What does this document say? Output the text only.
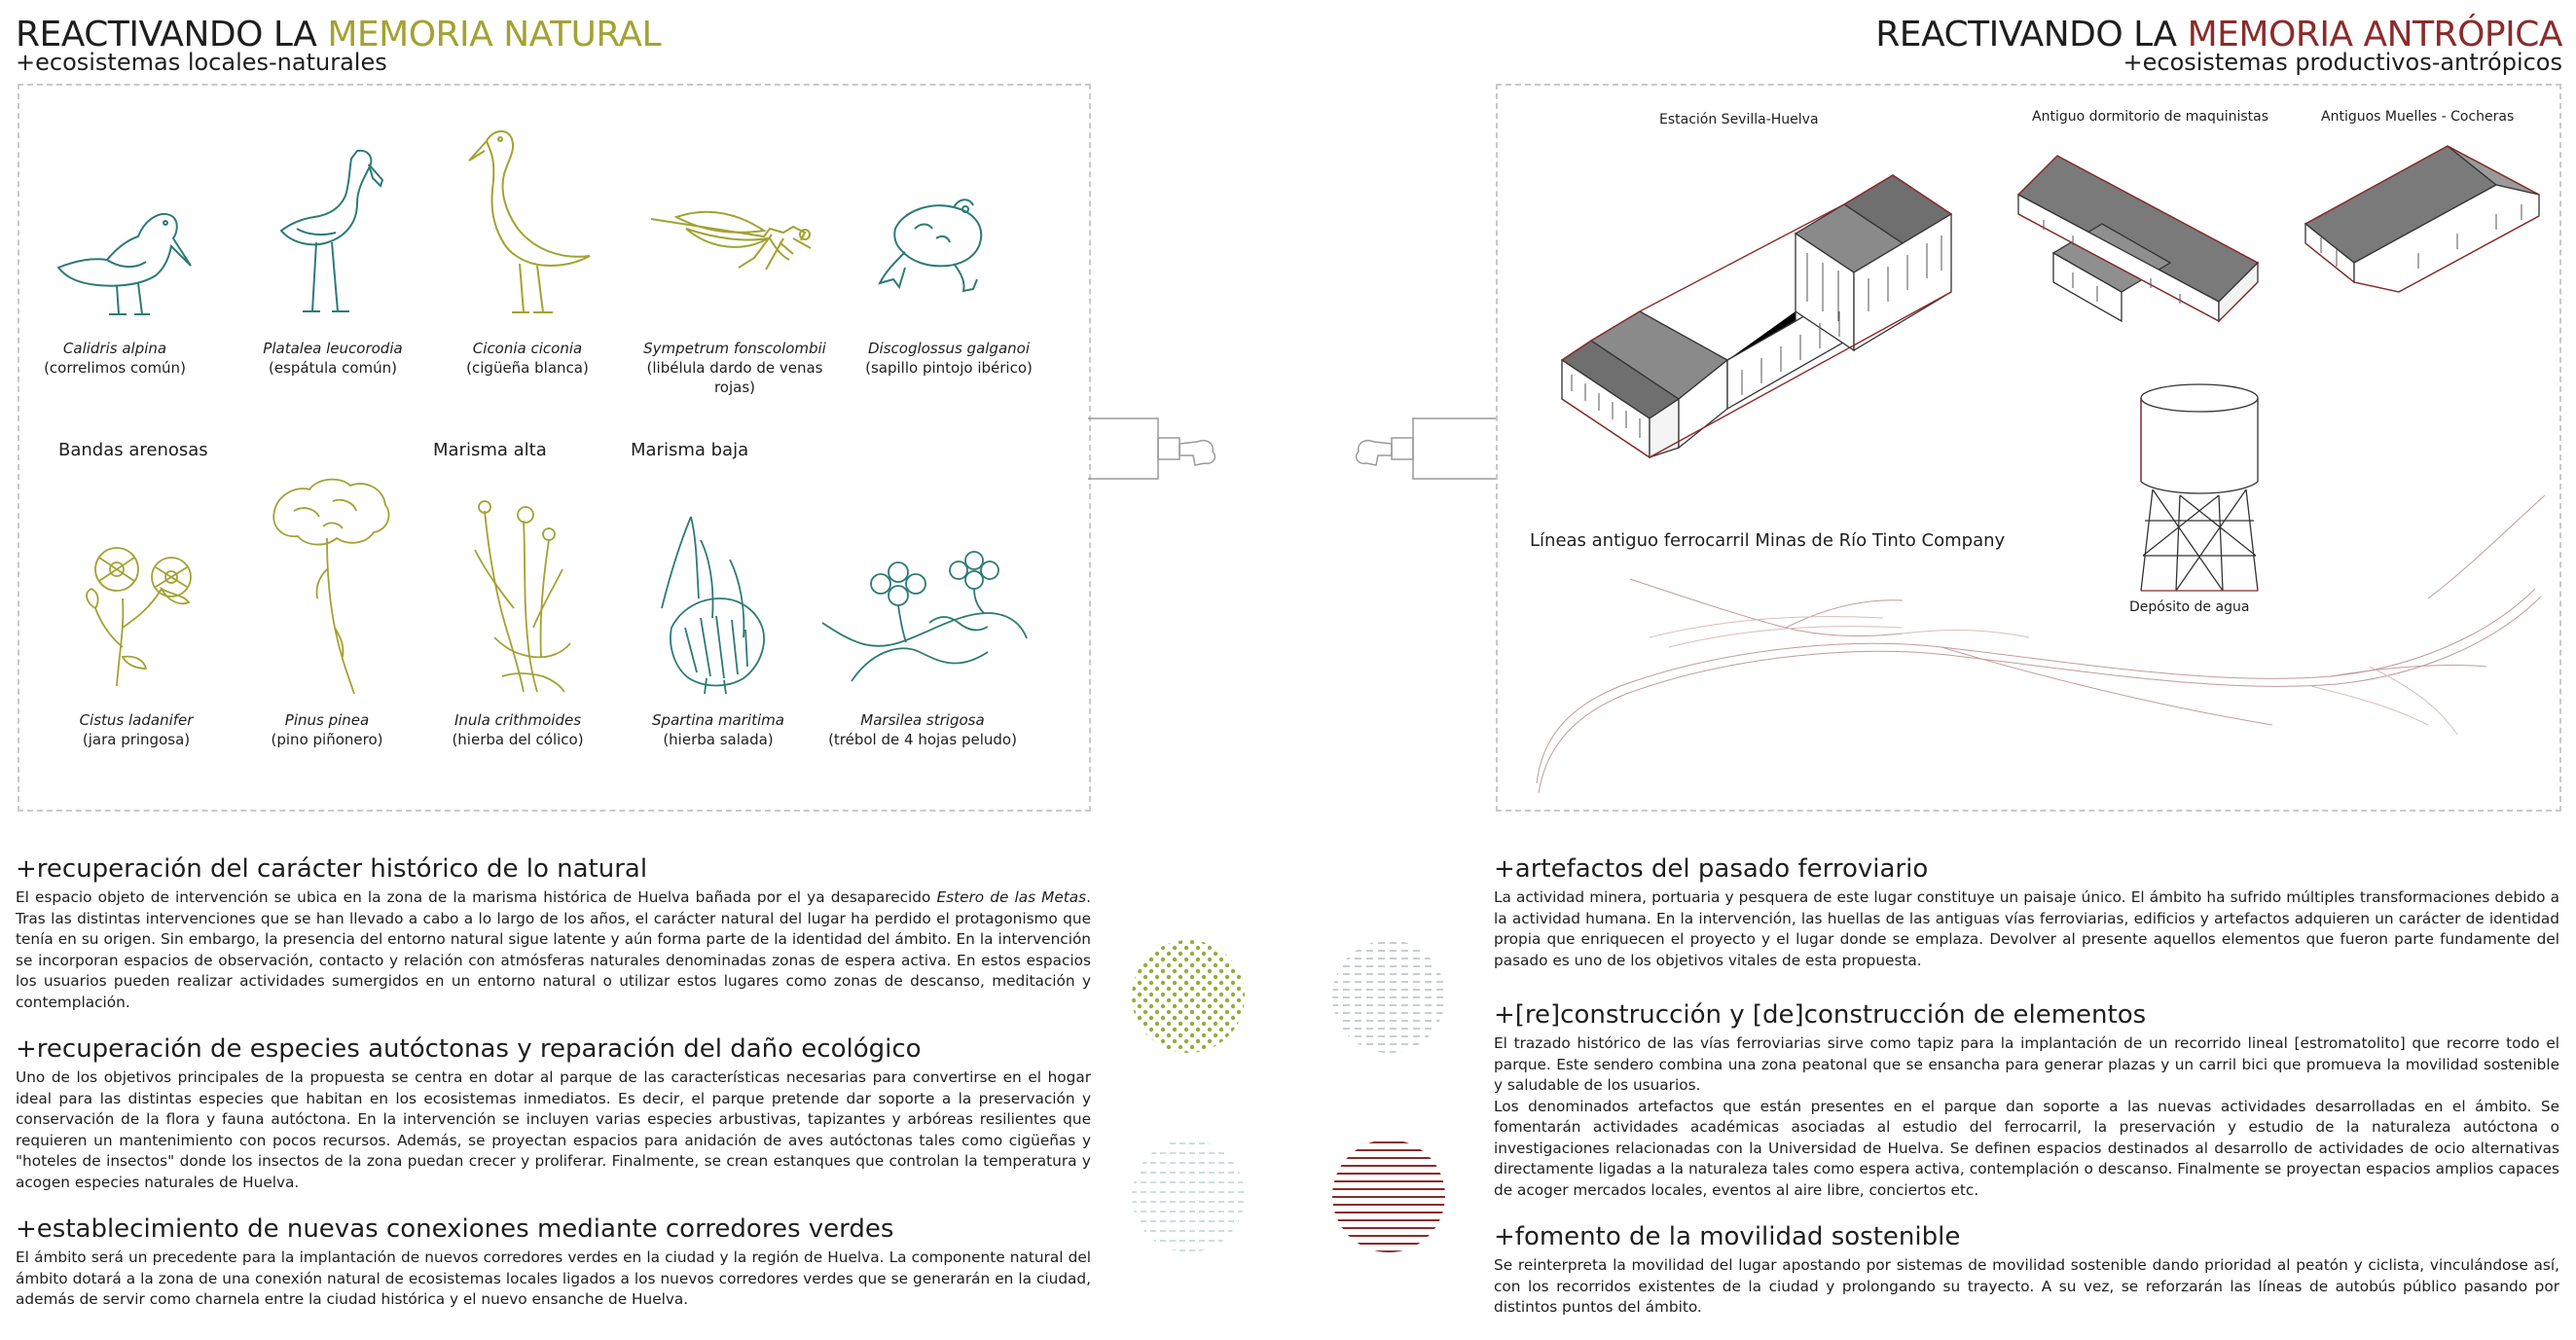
REACTIVANDO LA MEMORIA NATURAL
+ecosistemas locales-naturales
REACTIVANDO LA MEMORIA ANTRÓPICA
+ecosistemas productivos-antrópicos
Calidris alpina
(correlimos común)
Platalea leucorodia
(espátula común)
Ciconia ciconia
(cigüeña blanca)
Sympetrum fonscolombii
(libélula dardo de venas rojas)
Discoglossus galganoi
(sapillo pintojo ibérico)
Bandas arenosas	Marisma alta	Marisma baja
Cistus ladanifer
(jara pringosa)
Pinus pinea
(pino piñonero)
Inula crithmoides
(hierba del cólico)
Spartina maritima
(hierba salada)
Marsilea strigosa
(trébol de 4 hojas peludo)
Estación Sevilla-Huelva	Antiguo dormitorio de maquinistas	Antiguos Muelles - Cocheras
Depósito de agua
Líneas antiguo ferrocarril Minas de Río Tinto Company
+recuperación del carácter histórico de lo natural

El espacio objeto de intervención se ubica en la zona de la marisma histórica de Huelva bañada por el ya desaparecido Estero de las Metas. Tras las distintas intervenciones que se han llevado a cabo a lo largo de los años, el carácter natural del lugar ha perdido el protagonismo que tenía en su origen. Sin embargo, la presencia del entorno natural sigue latente y aún forma parte de la identidad del ámbito. En la intervención se incorporan espacios de observación, contacto y relación con atmósferas naturales denominadas zonas de espera activa. En estos espacios los usuarios pueden realizar actividades sumergidos en un entorno natural o utilizar estos lugares como zonas de descanso, meditación y contemplación.

+recuperación de especies autóctonas y reparación del daño ecológico

Uno de los objetivos principales de la propuesta se centra en dotar al parque de las características necesarias para convertirse en el hogar ideal para las distintas especies que habitan en los ecosistemas inmediatos. Es decir, el parque pretende dar soporte a la preservación y conservación de la flora y fauna autóctona. En la intervención se incluyen varias especies arbustivas, tapizantes y arbóreas resilientes que requieren un mantenimiento con pocos recursos. Además, se proyectan espacios para anidación de aves autóctonas tales como cigüeñas y "hoteles de insectos" donde los insectos de la zona puedan crecer y proliferar. Finalmente, se crean estanques que controlan la temperatura y acogen especies naturales de Huelva.

+establecimiento de nuevas conexiones mediante corredores verdes

El ámbito será un precedente para la implantación de nuevos corredores verdes en la ciudad y la región de Huelva. La componente natural del ámbito dotará a la zona de una conexión natural de ecosistemas locales ligados a los nuevos corredores verdes que se generarán en la ciudad, además de servir como charnela entre la ciudad histórica y el nuevo ensanche de Huelva.

+artefactos del pasado ferroviario

La actividad minera, portuaria y pesquera de este lugar constituye un paisaje único. El ámbito ha sufrido múltiples transformaciones debido a la actividad humana. En la intervención, las huellas de las antiguas vías ferroviarias, edificios y artefactos adquieren un carácter de identidad propia que enriquecen el proyecto y el lugar donde se emplaza. Devolver al presente aquellos elementos que fueron parte fundamente del pasado es uno de los objetivos vitales de esta propuesta.

+[re]construcción y [de]construcción de elementos

El trazado histórico de las vías ferroviarias sirve como tapiz para la implantación de un recorrido lineal [estromatolito] que recorre todo el parque. Este sendero combina una zona peatonal que se ensancha para generar plazas y un carril bici que promueva la movilidad sostenible y saludable de los usuarios.

Los denominados artefactos que están presentes en el parque dan soporte a las nuevas actividades desarrolladas en el ámbito. Se fomentarán actividades académicas asociadas al estudio del ferrocarril, la preservación y estudio de la naturaleza autóctona o investigaciones relacionadas con la Universidad de Huelva. Se definen espacios destinados al desarrollo de actividades de ocio alternativas directamente ligadas a la naturaleza tales como espera activa, contemplación o descanso. Finalmente se proyectan espacios amplios capaces de acoger mercados locales, eventos al aire libre, conciertos etc.

+fomento de la movilidad sostenible

Se reinterpreta la movilidad del lugar apostando por sistemas de movilidad sostenible dando prioridad al peatón y ciclista, vinculándose así, con los recorridos existentes de la ciudad y prolongando su trayecto. A su vez, se reforzarán las líneas de autobús público pasando por distintos puntos del ámbito.
